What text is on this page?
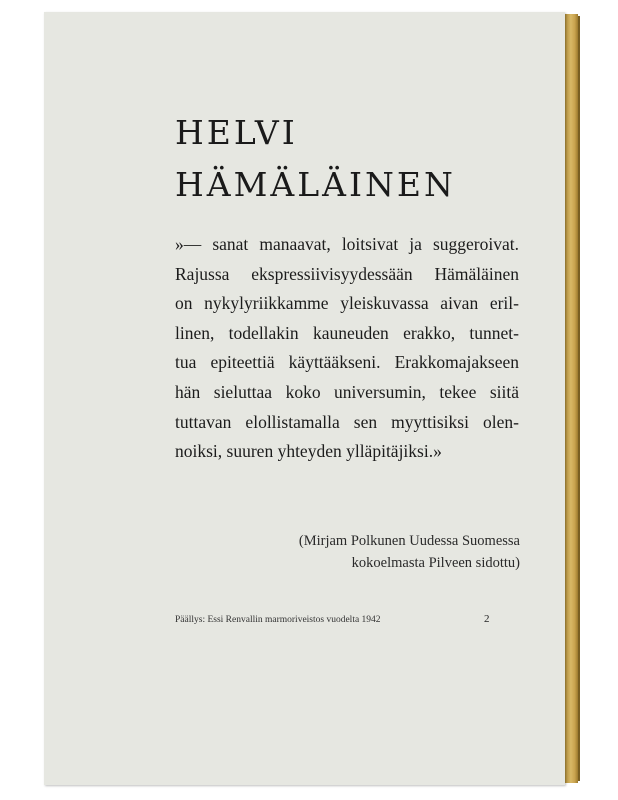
HELVI
HÄMÄLÄINEN
»— sanat manaavat, loitsivat ja suggeroivat.
Rajussa ekspressiivisyydessään Hämäläinen
on nykylyriikkamme yleiskuvassa aivan eril-
linen, todellakin kauneuden erakko, tunnet-
tua epiteettiä käyttääkseni. Erakkomajakseen
hän sieluttaa koko universumin, tekee siitä
tuttavan elollistamalla sen myyttisiksi olen-
noiksi, suuren yhteyden ylläpitäjiksi.»
(Mirjam Polkunen Uudessa Suomessa
kokoelmasta Pilveen sidottu)
Päällys: Essi Renvallin marmoriveistos vuodelta 1942	2
